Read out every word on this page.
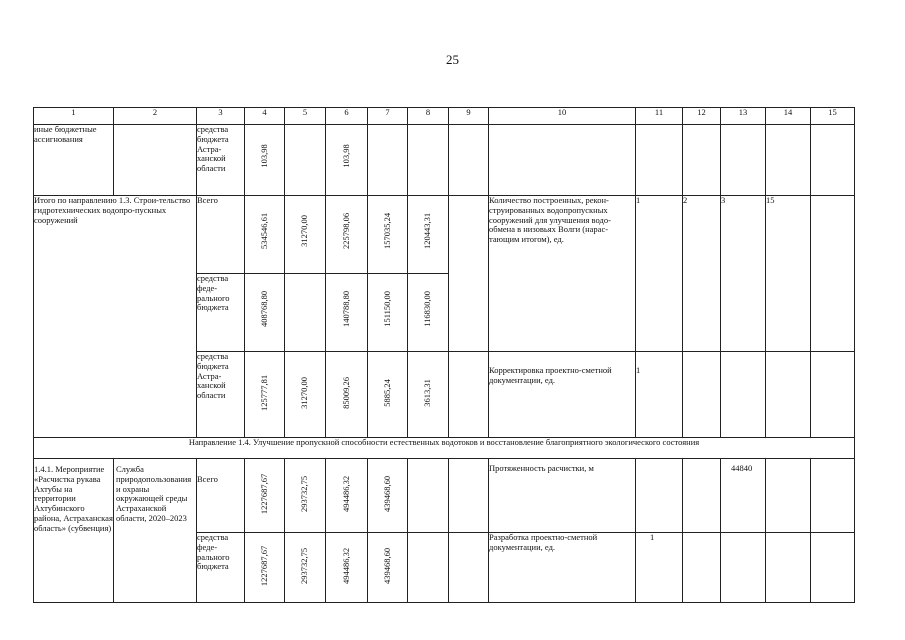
25
1	2	3	4	5	6	7	8	9	10	11	12	13	14	15
иные бюджетные ассигнования		средства бюджета Астра-ханской области	103,98		103,98									

Итого по направлению 1.3. Строи-тельство гидротехнических водопро-пускных сооружений		Всего	534546,61	31270,00	225798,06	157035,24	120443,31		Количество построенных, рекон-струированных водопропускных сооружений для улучшения водо-обмена в низовьях Волги (нарас-тающим итогом), ед.	1	2	3	15	
		средства феде-рального бюджета	408768,80		140788,80	151150,00	116830,00							

		средства бюджета Астра-ханской области	125777,81	31270,00	85009,26	5885,24	3613,31		Корректировка проектно-сметной документации, ед.	1				
Направление 1.4. Улучшение пропускной способности естественных водотоков и восстановление благоприятного экологического состояния														
1.4.1. Мероприятие «Расчистка рукава Ахтубы на территории Ахтубинского района, Астраханская область» (субвенция)	Служба природопользования и охраны окружающей среды Астраханской области, 2020–2023	Всего	1227687,67	293732,75	494486,32	439468,60			Протяженность расчистки, м			44840		
		средства феде-рального бюджета	1227687,67	293732,75	494486,32	439468,60			Разработка проектно-сметной документации, ед.	1				
